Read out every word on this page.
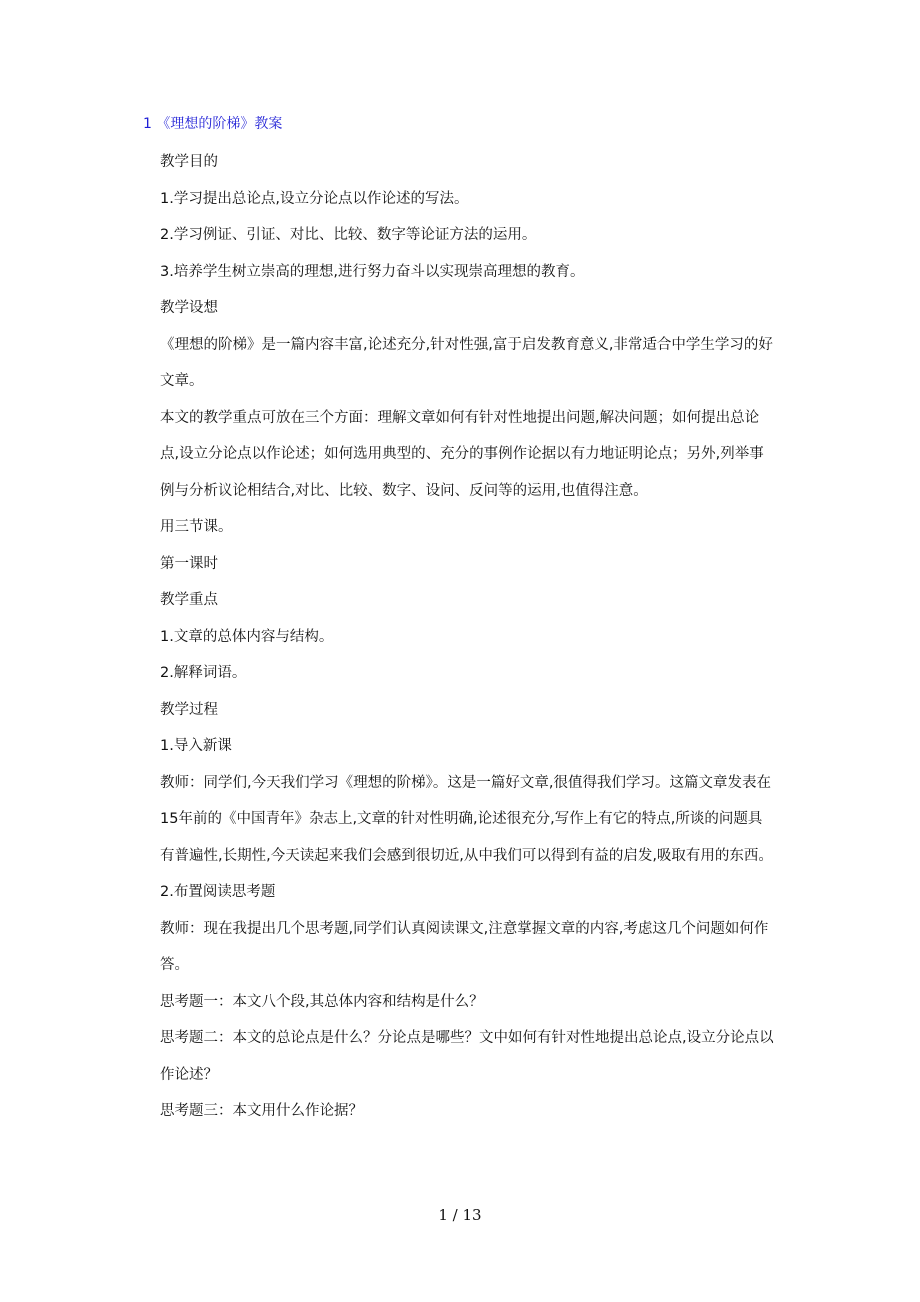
1 《理想的阶梯》教案

教学目的

1.学习提出总论点,设立分论点以作论述的写法。

2.学习例证、引证、对比、比较、数字等论证方法的运用。

3.培养学生树立崇高的理想,进行努力奋斗以实现崇高理想的教育。

教学设想

《理想的阶梯》是一篇内容丰富,论述充分,针对性强,富于启发教育意义,非常适合中学生学习的好文章。

本文的教学重点可放在三个方面：理解文章如何有针对性地提出问题,解决问题；如何提出总论点,设立分论点以作论述；如何选用典型的、充分的事例作论据以有力地证明论点；另外,列举事例与分析议论相结合,对比、比较、数字、设问、反问等的运用,也值得注意。

用三节课。

第一课时

教学重点

1.文章的总体内容与结构。

2.解释词语。

教学过程

1.导入新课

教师：同学们,今天我们学习《理想的阶梯》。这是一篇好文章,很值得我们学习。这篇文章发表在15年前的《中国青年》杂志上,文章的针对性明确,论述很充分,写作上有它的特点,所谈的问题具有普遍性,长期性,今天读起来我们会感到很切近,从中我们可以得到有益的启发,吸取有用的东西。

2.布置阅读思考题

教师：现在我提出几个思考题,同学们认真阅读课文,注意掌握文章的内容,考虑这几个问题如何作答。

思考题一：本文八个段,其总体内容和结构是什么？

思考题二：本文的总论点是什么？分论点是哪些？文中如何有针对性地提出总论点,设立分论点以作论述？

思考题三：本文用什么作论据？

1 / 13
